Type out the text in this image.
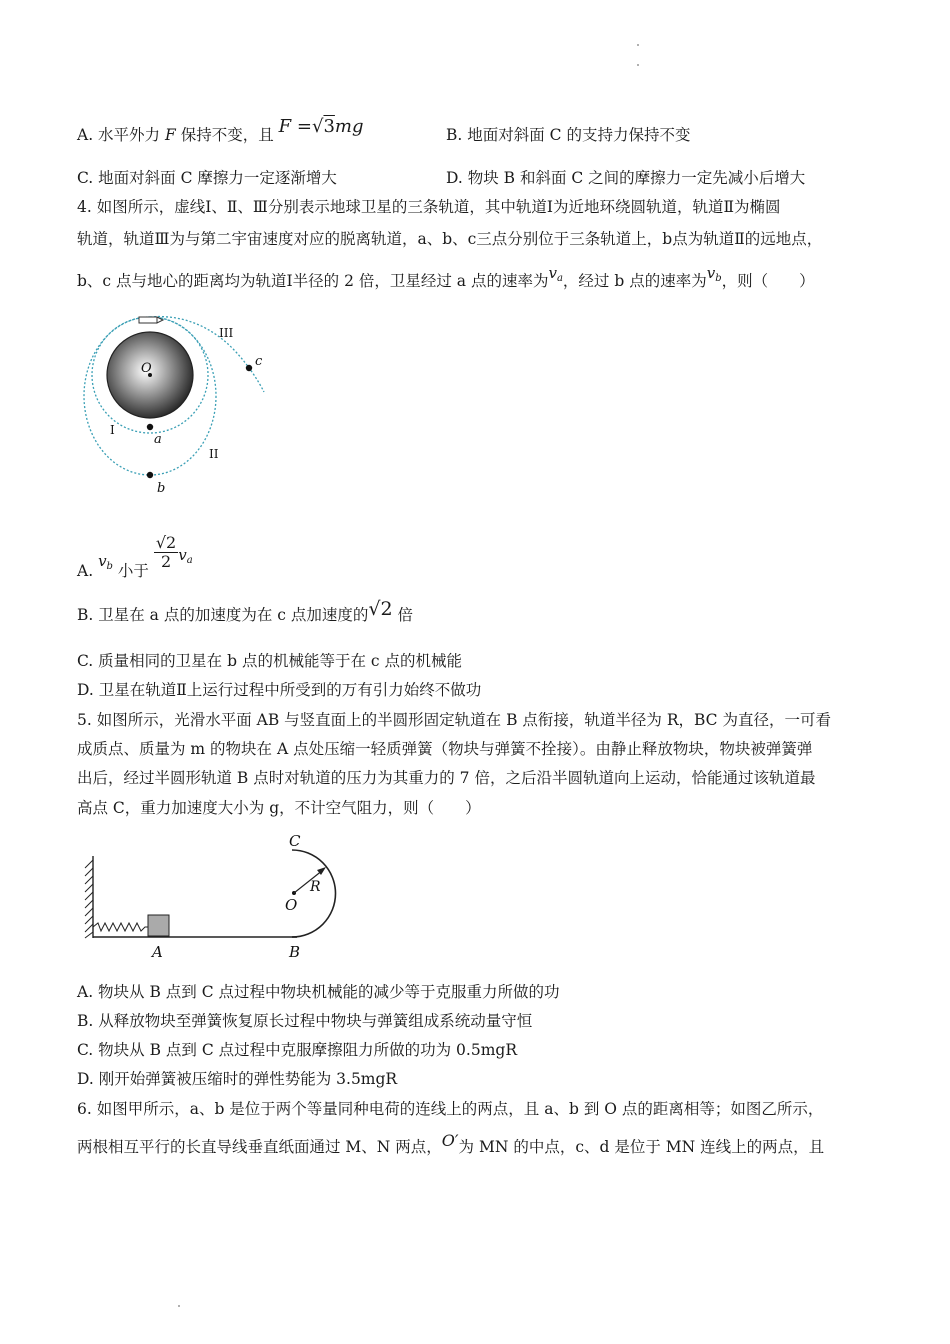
A. 水平外力 F 保持不变，且 F =√3mg	B. 地面对斜面 C 的支持力保持不变
C. 地面对斜面 C 摩擦力一定逐渐增大	D. 物块 B 和斜面 C 之间的摩擦力一定先减小后增大
4. 如图所示，虚线Ⅰ、Ⅱ、Ⅲ分别表示地球卫星的三条轨道，其中轨道Ⅰ为近地环绕圆轨道，轨道Ⅱ为椭圆
轨道，轨道Ⅲ为与第二宇宙速度对应的脱离轨道，a、b、c三点分别位于三条轨道上，b点为轨道Ⅱ的远地点，
b、c 点与地心的距离均为轨道Ⅰ半径的 2 倍，卫星经过 a 点的速率为$v_a$，经过 b 点的速率为$v_b$，则（　　）
O
a
b
c
I
II
III
A. $v_b$ 小于 $\frac{√2}{2} v_a$
B. 卫星在 a 点的加速度为在 c 点加速度的√2 倍
C. 质量相同的卫星在 b 点的机械能等于在 c 点的机械能
D. 卫星在轨道Ⅱ上运行过程中所受到的万有引力始终不做功
5. 如图所示，光滑水平面 AB 与竖直面上的半圆形固定轨道在 B 点衔接，轨道半径为 R，BC 为直径，一可看
成质点、质量为 m 的物块在 A 点处压缩一轻质弹簧（物块与弹簧不拴接）。由静止释放物块，物块被弹簧弹
出后，经过半圆形轨道 B 点时对轨道的压力为其重力的 7 倍，之后沿半圆轨道向上运动，恰能通过该轨道最
高点 C，重力加速度大小为 g，不计空气阻力，则（　　）
A	B
C
O
R
A. 物块从 B 点到 C 点过程中物块机械能的减少等于克服重力所做的功
B. 从释放物块至弹簧恢复原长过程中物块与弹簧组成系统动量守恒
C. 物块从 B 点到 C 点过程中克服摩擦阻力所做的功为 0.5mgR
D. 刚开始弹簧被压缩时的弹性势能为 3.5mgR
6. 如图甲所示，a、b 是位于两个等量同种电荷的连线上的两点，且 a、b 到 O 点的距离相等；如图乙所示，
两根相互平行的长直导线垂直纸面通过 M、N 两点，O′为 MN 的中点，c、d 是位于 MN 连线上的两点，且
